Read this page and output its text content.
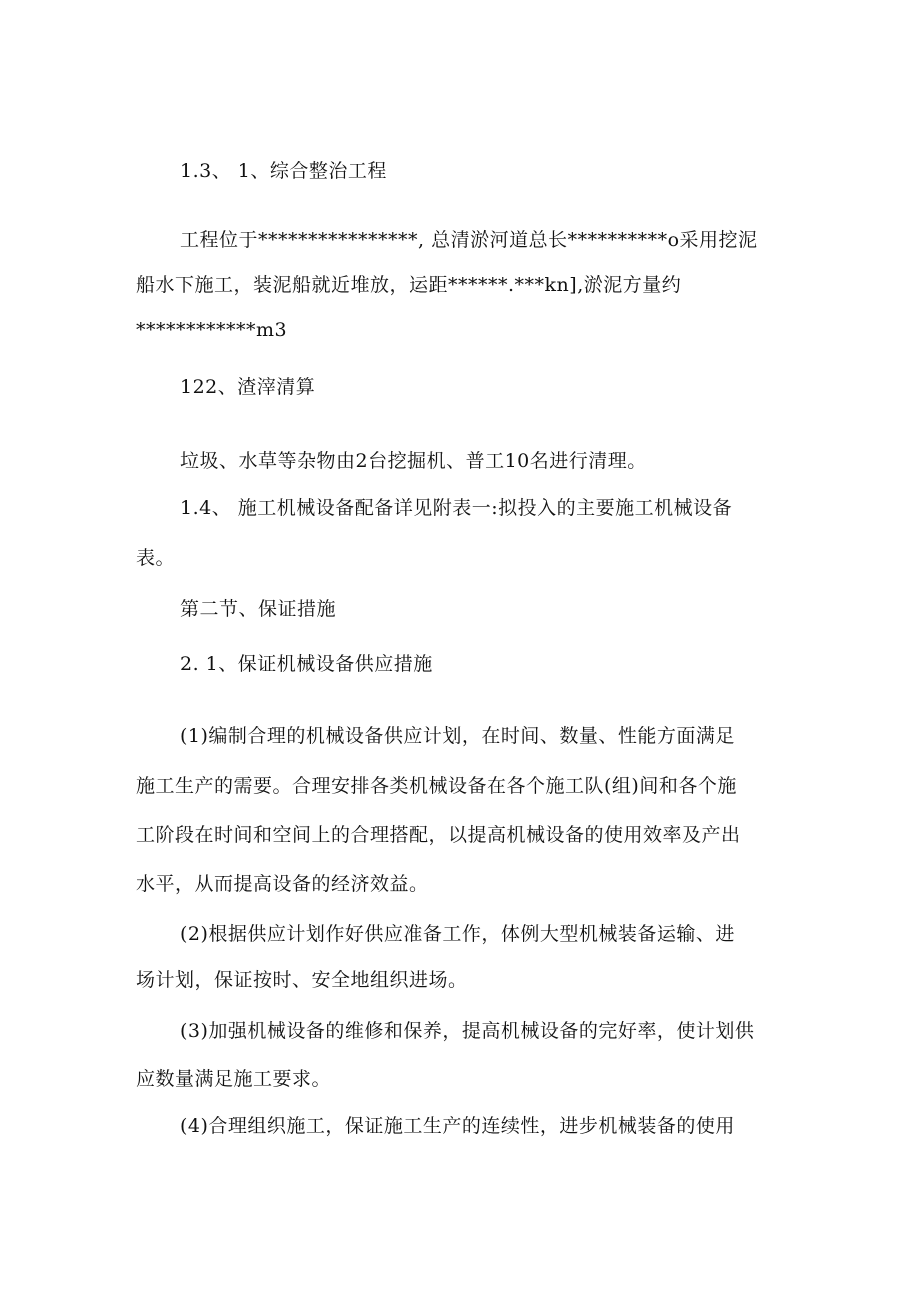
1.3、 1、综合整治工程
工程位于****************, 总清淤河道总长**********o采用挖泥
船水下施工，装泥船就近堆放，运距******.***kn],淤泥方量约
************m3
122、渣滓清算
垃圾、水草等杂物由2台挖掘机、普工10名进行清理。
1.4、 施工机械设备配备详见附表一:拟投入的主要施工机械设备
表。
第二节、保证措施
2. 1、保证机械设备供应措施
(1)编制合理的机械设备供应计划，在时间、数量、性能方面满足
施工生产的需要。合理安排各类机械设备在各个施工队(组)间和各个施
工阶段在时间和空间上的合理搭配，以提高机械设备的使用效率及产出
水平，从而提高设备的经济效益。
(2)根据供应计划作好供应准备工作，体例大型机械装备运输、进
场计划，保证按时、安全地组织进场。
(3)加强机械设备的维修和保养，提高机械设备的完好率，使计划供
应数量满足施工要求。
(4)合理组织施工，保证施工生产的连续性，进步机械装备的使用
